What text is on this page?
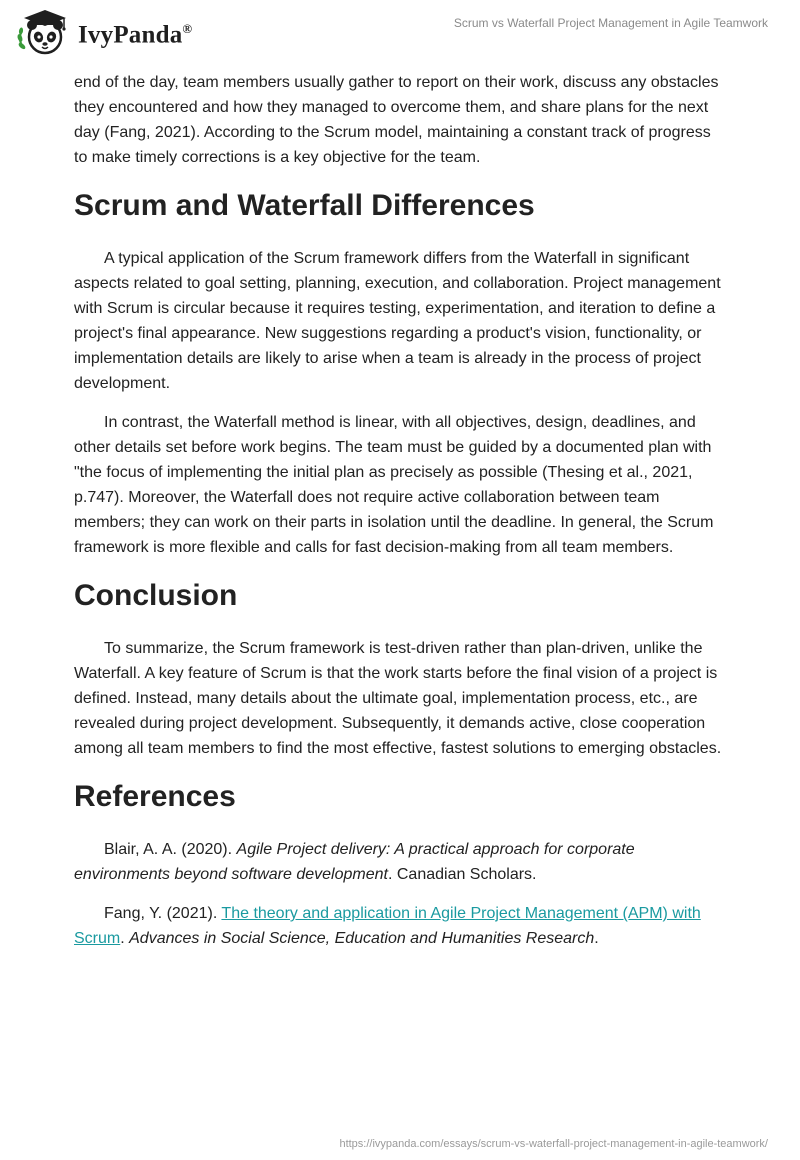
IvyPanda®	Scrum vs Waterfall Project Management in Agile Teamwork

end of the day, team members usually gather to report on their work, discuss any obstacles they encountered and how they managed to overcome them, and share plans for the next day (Fang, 2021). According to the Scrum model, maintaining a constant track of progress to make timely corrections is a key objective for the team.

Scrum and Waterfall Differences

A typical application of the Scrum framework differs from the Waterfall in significant aspects related to goal setting, planning, execution, and collaboration. Project management with Scrum is circular because it requires testing, experimentation, and iteration to define a project's final appearance. New suggestions regarding a product's vision, functionality, or implementation details are likely to arise when a team is already in the process of project development.

In contrast, the Waterfall method is linear, with all objectives, design, deadlines, and other details set before work begins. The team must be guided by a documented plan with "the focus of implementing the initial plan as precisely as possible (Thesing et al., 2021, p.747). Moreover, the Waterfall does not require active collaboration between team members; they can work on their parts in isolation until the deadline. In general, the Scrum framework is more flexible and calls for fast decision-making from all team members.

Conclusion

To summarize, the Scrum framework is test-driven rather than plan-driven, unlike the Waterfall. A key feature of Scrum is that the work starts before the final vision of a project is defined. Instead, many details about the ultimate goal, implementation process, etc., are revealed during project development. Subsequently, it demands active, close cooperation among all team members to find the most effective, fastest solutions to emerging obstacles.

References

Blair, A. A. (2020). Agile Project delivery: A practical approach for corporate environments beyond software development. Canadian Scholars.

Fang, Y. (2021). The theory and application in Agile Project Management (APM) with Scrum. Advances in Social Science, Education and Humanities Research.

https://ivypanda.com/essays/scrum-vs-waterfall-project-management-in-agile-teamwork/
